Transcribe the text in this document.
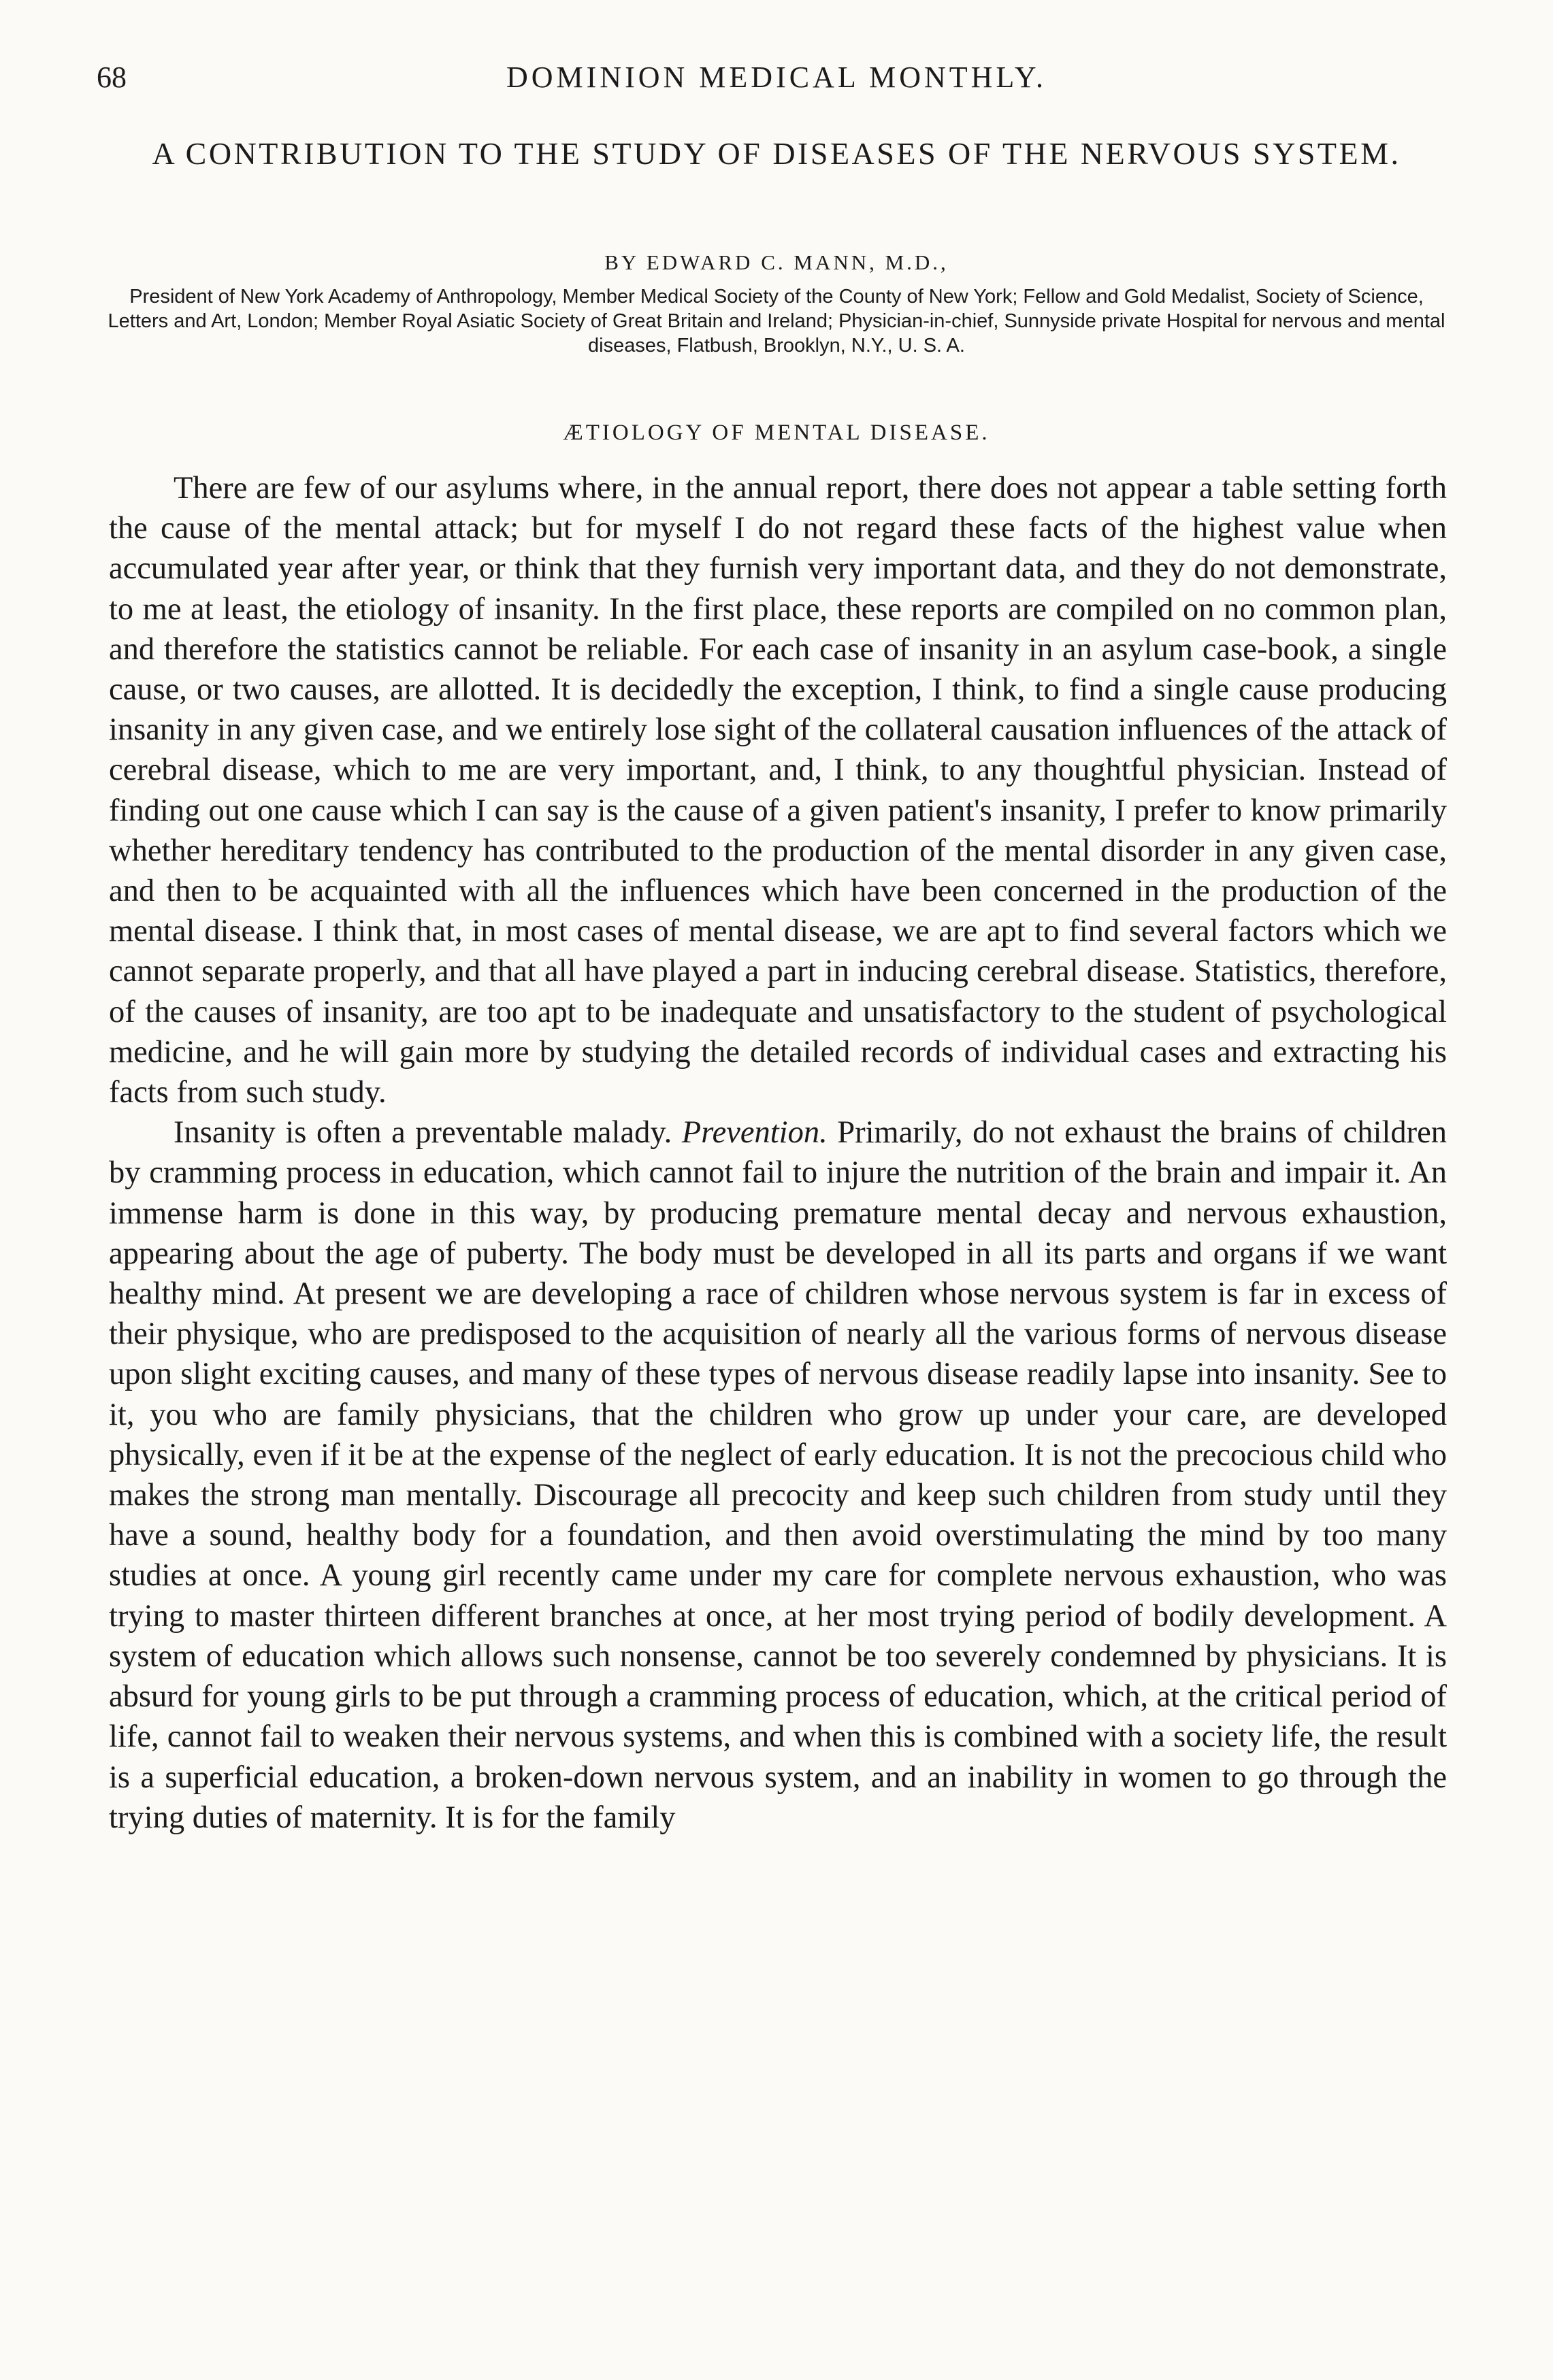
68	DOMINION MEDICAL MONTHLY.
A CONTRIBUTION TO THE STUDY OF DISEASES OF THE NERVOUS SYSTEM.
BY EDWARD C. MANN, M.D.,
President of New York Academy of Anthropology, Member Medical Society of the County of New York; Fellow and Gold Medalist, Society of Science, Letters and Art, London; Member Royal Asiatic Society of Great Britain and Ireland; Physician-in-chief, Sunnyside private Hospital for nervous and mental diseases, Flatbush, Brooklyn, N.Y., U. S. A.
ÆTIOLOGY OF MENTAL DISEASE.

There are few of our asylums where, in the annual report, there does not appear a table setting forth the cause of the mental attack; but for myself I do not regard these facts of the highest value when accumulated year after year, or think that they furnish very important data, and they do not demonstrate, to me at least, the etiology of insanity. In the first place, these reports are compiled on no common plan, and therefore the statistics cannot be reliable. For each case of insanity in an asylum case-book, a single cause, or two causes, are allotted. It is decidedly the exception, I think, to find a single cause producing insanity in any given case, and we entirely lose sight of the collateral causation influences of the attack of cerebral disease, which to me are very important, and, I think, to any thoughtful physician. Instead of finding out one cause which I can say is the cause of a given patient's insanity, I prefer to know primarily whether hereditary tendency has contributed to the production of the mental disorder in any given case, and then to be acquainted with all the influences which have been concerned in the production of the mental disease. I think that, in most cases of mental disease, we are apt to find several factors which we cannot separate properly, and that all have played a part in inducing cerebral disease. Statistics, therefore, of the causes of insanity, are too apt to be inadequate and unsatisfactory to the student of psychological medicine, and he will gain more by studying the detailed records of individual cases and extracting his facts from such study.

Insanity is often a preventable malady. Prevention. Primarily, do not exhaust the brains of children by cramming process in education, which cannot fail to injure the nutrition of the brain and impair it. An immense harm is done in this way, by producing premature mental decay and nervous exhaustion, appearing about the age of puberty. The body must be developed in all its parts and organs if we want healthy mind. At present we are developing a race of children whose nervous system is far in excess of their physique, who are predisposed to the acquisition of nearly all the various forms of nervous disease upon slight exciting causes, and many of these types of nervous disease readily lapse into insanity. See to it, you who are family physicians, that the children who grow up under your care, are developed physically, even if it be at the expense of the neglect of early education. It is not the precocious child who makes the strong man mentally. Discourage all precocity and keep such children from study until they have a sound, healthy body for a foundation, and then avoid overstimulating the mind by too many studies at once. A young girl recently came under my care for complete nervous exhaustion, who was trying to master thirteen different branches at once, at her most trying period of bodily development. A system of education which allows such nonsense, cannot be too severely condemned by physicians. It is absurd for young girls to be put through a cramming process of education, which, at the critical period of life, cannot fail to weaken their nervous systems, and when this is combined with a society life, the result is a superficial education, a broken-down nervous system, and an inability in women to go through the trying duties of maternity. It is for the family
